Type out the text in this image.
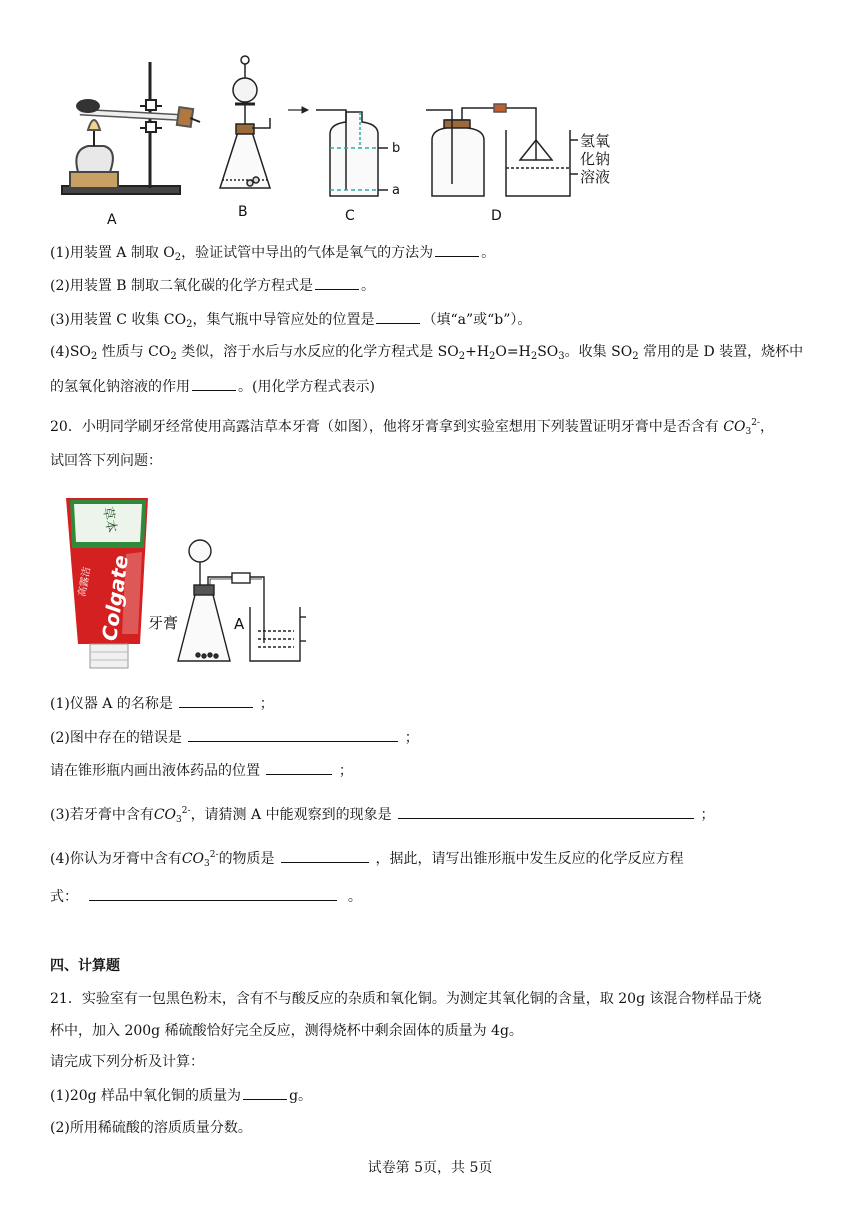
A	B	C	D
b
a
氢氧
化钠
溶液
(1)用装置 A 制取 $O_2$，验证试管中导出的气体是氧气的方法为	。
(2)用装置 B 制取二氧化碳的化学方程式是	。
(3)用装置 C 收集 $CO_2$，集气瓶中导管应处的位置是	（填“a”或“b”）。
$(4)SO_2$ 性质与 $CO_2$ 类似，溶于水后与水反应的化学方程式是 $SO_2+H_2O=H_2SO_3$。收集 $SO_2$ 常用的是 D 装置，烧杯中
的氢氧化钠溶液的作用	。(用化学方程式表示)
20．小明同学刷牙经常使用高露洁草本牙膏（如图），他将牙膏拿到实验室想用下列装置证明牙膏中是否含有 $CO_3^{2-}$，
试回答下列问题：
草本
高露洁 Colgate 牙膏	A
(1)仪器 A 的名称是	；
(2)图中存在的错误是	；
请在锥形瓶内画出液体药品的位置	；
(3)若牙膏中含有$CO_3^{2-}$，请猜测 A 中能观察到的现象是	；
(4)你认为牙膏中含有$CO_3^{2-}$的物质是	，据此，请写出锥形瓶中发生反应的化学反应方程
式：	。
四、计算题
21．实验室有一包黑色粉末，含有不与酸反应的杂质和氧化铜。为测定其氧化铜的含量，取 20g 该混合物样品于烧
杯中，加入 200g 稀硫酸恰好完全反应，测得烧杯中剩余固体的质量为 4g。
请完成下列分析及计算：
(1)20g 样品中氧化铜的质量为	g。
(2)所用稀硫酸的溶质质量分数。
试卷第 5页，共 5页
